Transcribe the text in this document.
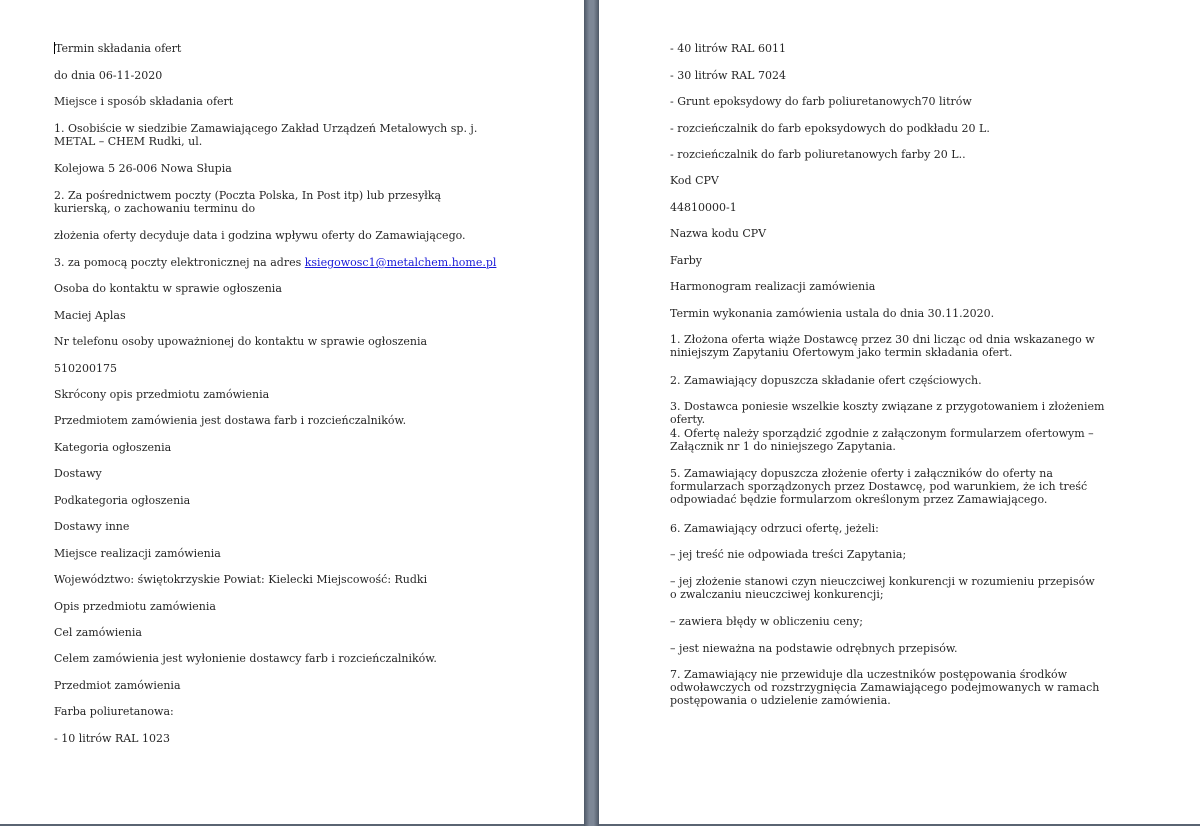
Termin składania ofert

do dnia 06-11-2020

Miejsce i sposób składania ofert

1. Osobiście w siedzibie Zamawiającego Zakład Urządzeń Metalowych sp. j. METAL – CHEM Rudki, ul.

Kolejowa 5 26-006 Nowa Słupia

2. Za pośrednictwem poczty (Poczta Polska, In Post itp) lub przesyłką kurierską, o zachowaniu terminu do

złożenia oferty decyduje data i godzina wpływu oferty do Zamawiającego.

3. za pomocą poczty elektronicznej na adres ksiegowosc1@metalchem.home.pl

Osoba do kontaktu w sprawie ogłoszenia

Maciej Aplas

Nr telefonu osoby upoważnionej do kontaktu w sprawie ogłoszenia

510200175

Skrócony opis przedmiotu zamówienia

Przedmiotem zamówienia jest dostawa farb i rozcieńczalników.

Kategoria ogłoszenia

Dostawy

Podkategoria ogłoszenia

Dostawy inne

Miejsce realizacji zamówienia

Województwo: świętokrzyskie Powiat: Kielecki Miejscowość: Rudki

Opis przedmiotu zamówienia

Cel zamówienia

Celem zamówienia jest wyłonienie dostawcy farb i rozcieńczalników.

Przedmiot zamówienia

Farba poliuretanowa:

- 10 litrów RAL 1023

- 40 litrów RAL 6011

- 30 litrów RAL 7024

- Grunt epoksydowy do farb poliuretanowych70 litrów

- rozcieńczalnik do farb epoksydowych do podkładu 20 L.

- rozcieńczalnik do farb poliuretanowych farby 20 L..

Kod CPV

44810000-1

Nazwa kodu CPV

Farby

Harmonogram realizacji zamówienia

Termin wykonania zamówienia ustala do dnia 30.11.2020.

1. Złożona oferta wiąże Dostawcę przez 30 dni licząc od dnia wskazanego w niniejszym Zapytaniu Ofertowym jako termin składania ofert.

2. Zamawiający dopuszcza składanie ofert częściowych.

3. Dostawca poniesie wszelkie koszty związane z przygotowaniem i złożeniem oferty.

4. Ofertę należy sporządzić zgodnie z załączonym formularzem ofertowym – Załącznik nr 1 do niniejszego Zapytania.

5. Zamawiający dopuszcza złożenie oferty i załączników do oferty na formularzach sporządzonych przez Dostawcę, pod warunkiem, że ich treść odpowiadać będzie formularzom określonym przez Zamawiającego.

6. Zamawiający odrzuci ofertę, jeżeli:

– jej treść nie odpowiada treści Zapytania;

– jej złożenie stanowi czyn nieuczciwej konkurencji w rozumieniu przepisów o zwalczaniu nieuczciwej konkurencji;

– zawiera błędy w obliczeniu ceny;

– jest nieważna na podstawie odrębnych przepisów.

7. Zamawiający nie przewiduje dla uczestników postępowania środków odwoławczych od rozstrzygnięcia Zamawiającego podejmowanych w ramach postępowania o udzielenie zamówienia.
